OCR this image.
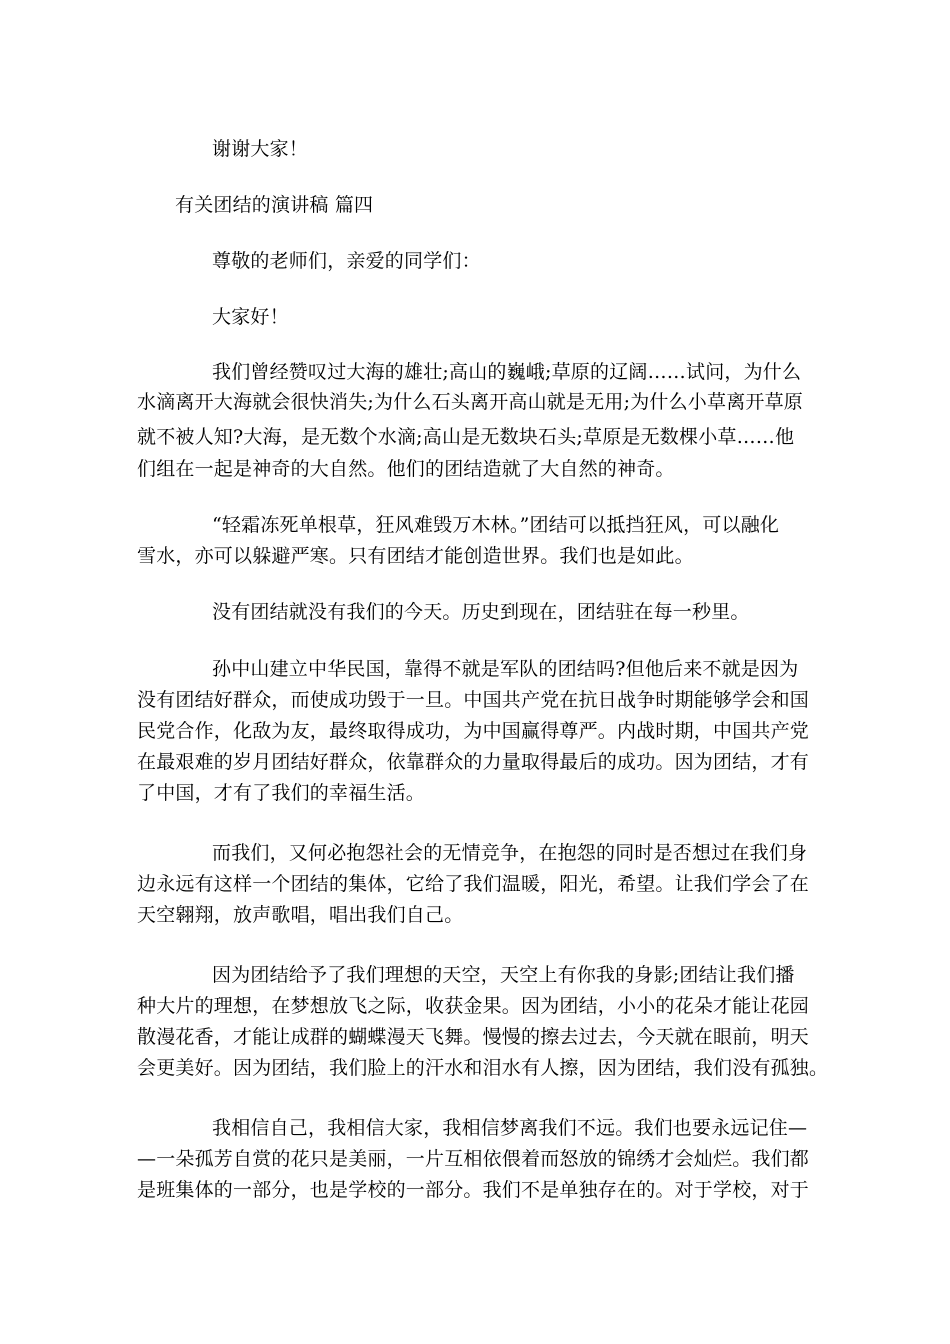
谢谢大家！
有关团结的演讲稿 篇四
尊敬的老师们，亲爱的同学们：
大家好！
我们曾经赞叹过大海的雄壮;高山的巍峨;草原的辽阔……试问，为什么
水滴离开大海就会很快消失;为什么石头离开高山就是无用;为什么小草离开草原
就不被人知?大海，是无数个水滴;高山是无数块石头;草原是无数棵小草……他
们组在一起是神奇的大自然。他们的团结造就了大自然的神奇。
“轻霜冻死单根草，狂风难毁万木林。”团结可以抵挡狂风，可以融化
雪水，亦可以躲避严寒。只有团结才能创造世界。我们也是如此。
没有团结就没有我们的今天。历史到现在，团结驻在每一秒里。
孙中山建立中华民国，靠得不就是军队的团结吗?但他后来不就是因为
没有团结好群众，而使成功毁于一旦。中国共产党在抗日战争时期能够学会和国
民党合作，化敌为友，最终取得成功，为中国赢得尊严。内战时期，中国共产党
在最艰难的岁月团结好群众，依靠群众的力量取得最后的成功。因为团结，才有
了中国，才有了我们的幸福生活。
而我们，又何必抱怨社会的无情竞争，在抱怨的同时是否想过在我们身
边永远有这样一个团结的集体，它给了我们温暖，阳光，希望。让我们学会了在
天空翱翔，放声歌唱，唱出我们自己。
因为团结给予了我们理想的天空，天空上有你我的身影;团结让我们播
种大片的理想，在梦想放飞之际，收获金果。因为团结，小小的花朵才能让花园
散漫花香，才能让成群的蝴蝶漫天飞舞。慢慢的擦去过去，今天就在眼前，明天
会更美好。因为团结，我们脸上的汗水和泪水有人擦，因为团结，我们没有孤独。
我相信自己，我相信大家，我相信梦离我们不远。我们也要永远记住—
—一朵孤芳自赏的花只是美丽，一片互相依偎着而怒放的锦绣才会灿烂。我们都
是班集体的一部分，也是学校的一部分。我们不是单独存在的。对于学校，对于
